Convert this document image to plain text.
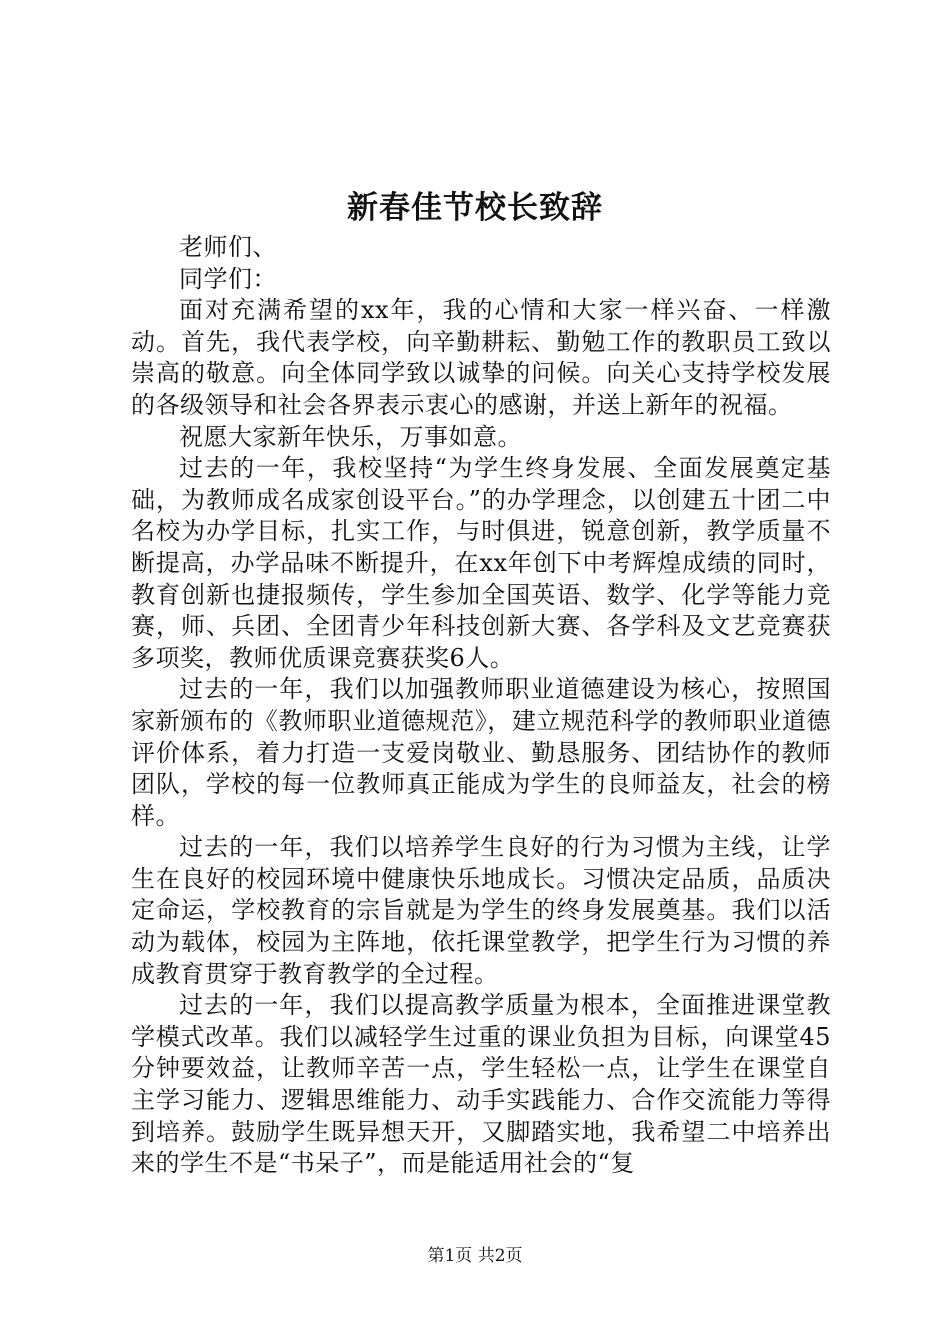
新春佳节校长致辞

老师们、

同学们：

面对充满希望的xx年，我的心情和大家一样兴奋、一样激动。首先，我代表学校，向辛勤耕耘、勤勉工作的教职员工致以崇高的敬意。向全体同学致以诚挚的问候。向关心支持学校发展的各级领导和社会各界表示衷心的感谢，并送上新年的祝福。

祝愿大家新年快乐，万事如意。

过去的一年，我校坚持“为学生终身发展、全面发展奠定基础，为教师成名成家创设平台。”的办学理念，以创建五十团二中名校为办学目标，扎实工作，与时俱进，锐意创新，教学质量不断提高，办学品味不断提升，在xx年创下中考辉煌成绩的同时，教育创新也捷报频传，学生参加全国英语、数学、化学等能力竞赛，师、兵团、全团青少年科技创新大赛、各学科及文艺竞赛获多项奖，教师优质课竞赛获奖6人。

过去的一年，我们以加强教师职业道德建设为核心，按照国家新颁布的《教师职业道德规范》，建立规范科学的教师职业道德评价体系，着力打造一支爱岗敬业、勤恳服务、团结协作的教师团队，学校的每一位教师真正能成为学生的良师益友，社会的榜样。

过去的一年，我们以培养学生良好的行为习惯为主线，让学生在良好的校园环境中健康快乐地成长。习惯决定品质，品质决定命运，学校教育的宗旨就是为学生的终身发展奠基。我们以活动为载体，校园为主阵地，依托课堂教学，把学生行为习惯的养成教育贯穿于教育教学的全过程。

过去的一年，我们以提高教学质量为根本，全面推进课堂教学模式改革。我们以减轻学生过重的课业负担为目标，向课堂45分钟要效益，让教师辛苦一点，学生轻松一点，让学生在课堂自主学习能力、逻辑思维能力、动手实践能力、合作交流能力等得到培养。鼓励学生既异想天开，又脚踏实地，我希望二中培养出来的学生不是“书呆子”，而是能适用社会的“复

第1页 共2页
